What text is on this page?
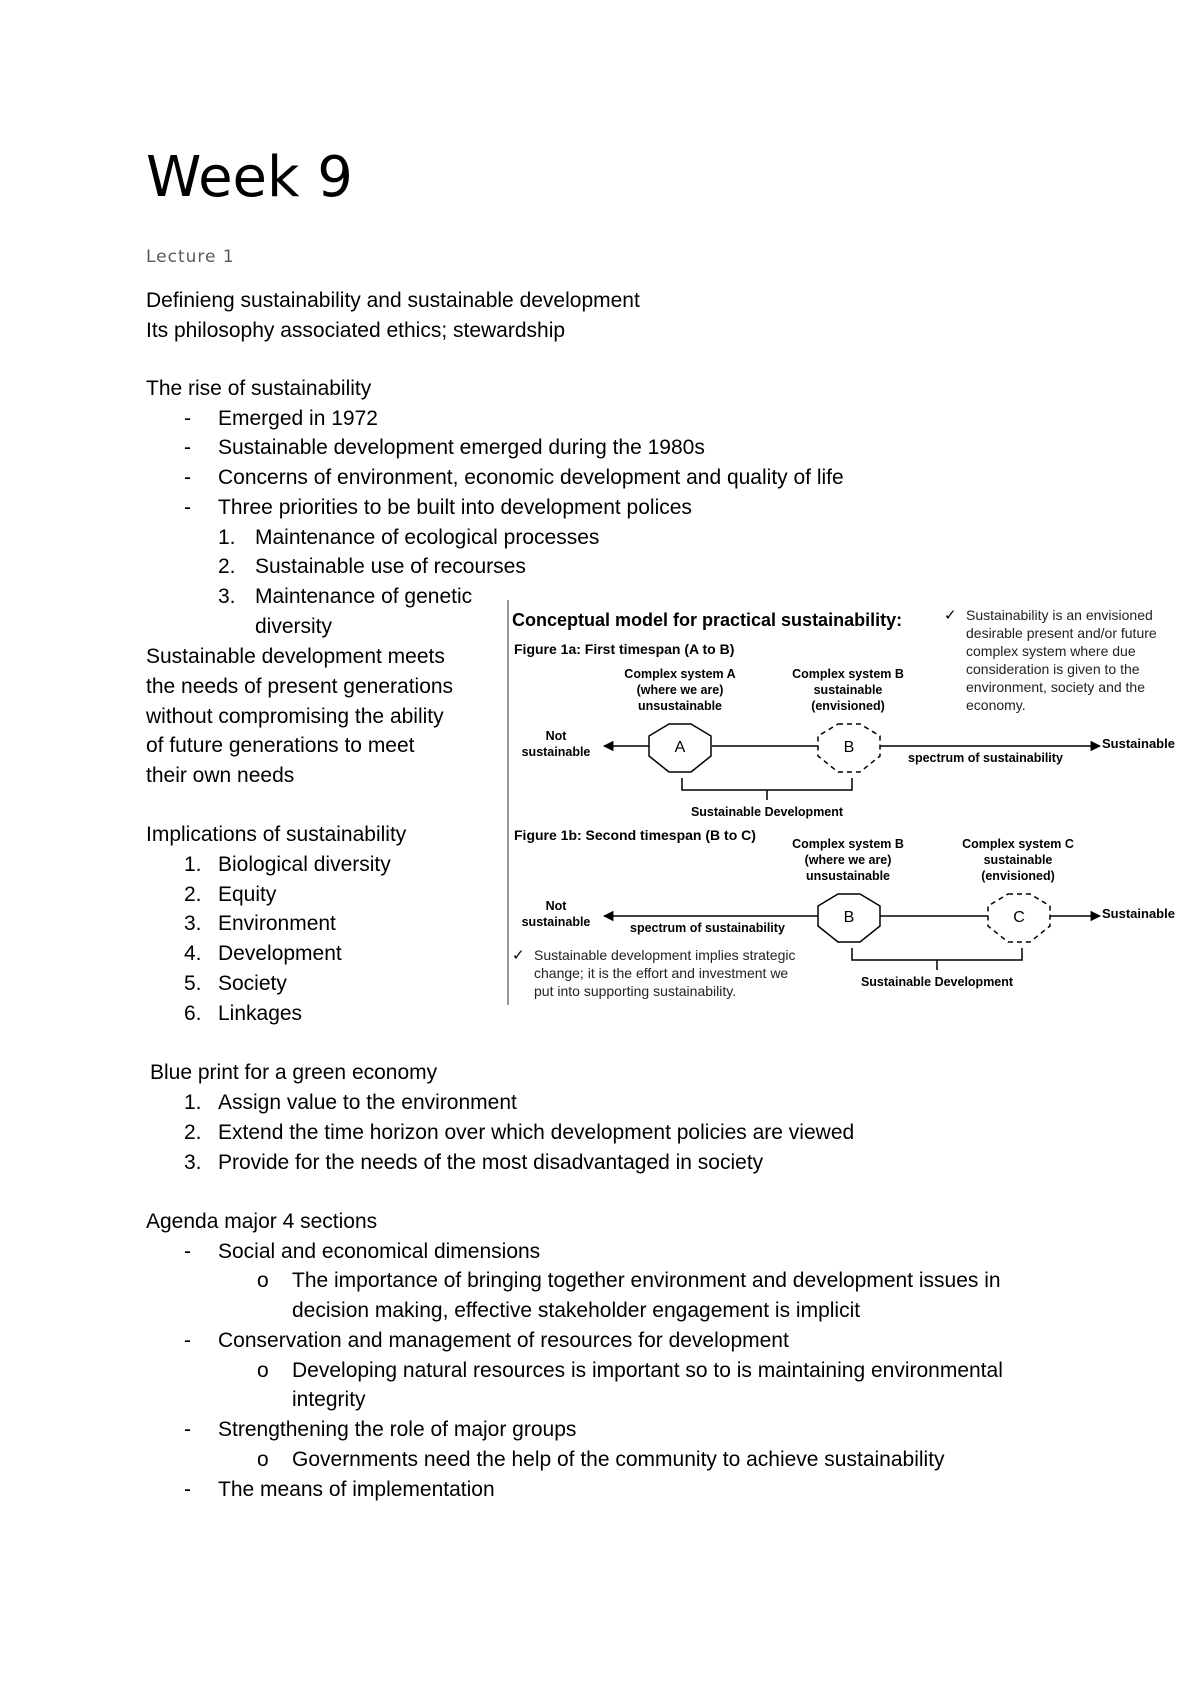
Week 9
Lecture 1
Definieng sustainability and sustainable development
Its philosophy associated ethics; stewardship
The rise of sustainability
- Emerged in 1972
- Sustainable development emerged during the 1980s
- Concerns of environment, economic development and quality of life
- Three priorities to be built into development polices
1. Maintenance of ecological processes
2. Sustainable use of recourses
3. Maintenance of genetic
diversity
Sustainable development meets
the needs of present generations
without compromising the ability
of future generations to meet
their own needs
Implications of sustainability
1. Biological diversity
2. Equity
3. Environment
4. Development
5. Society
6. Linkages
Blue print for a green economy
1. Assign value to the environment
2. Extend the time horizon over which development policies are viewed
3. Provide for the needs of the most disadvantaged in society
Agenda major 4 sections
- Social and economical dimensions
o The importance of bringing together environment and development issues in
decision making, effective stakeholder engagement is implicit
- Conservation and management of resources for development
o Developing natural resources is important so to is maintaining environmental
integrity
- Strengthening the role of major groups
o Governments need the help of the community to achieve sustainability
- The means of implementation
Conceptual model for practical sustainability:	✓ Sustainability is an envisioned
desirable present and/or future
complex system where due
consideration is given to the
environment, society and the
economy.
Figure 1a: First timespan (A to B)
Complex system A
(where we are)
unsustainable
Complex system B
sustainable
(envisioned)
Not
sustainable
Sustainable
spectrum of sustainability
A	B
Sustainable Development
Figure 1b: Second timespan (B to C)
Complex system B
(where we are)
unsustainable
Complex system C
sustainable
(envisioned)
Not
sustainable
Sustainable
spectrum of sustainability
B	C
Sustainable Development
✓ Sustainable development implies strategic
change; it is the effort and investment we
put into supporting sustainability.
